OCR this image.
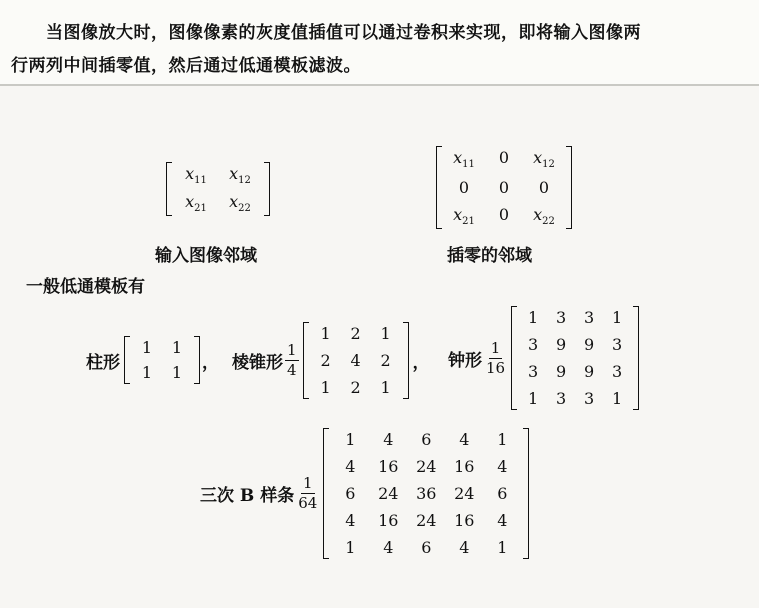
当图像放大时，图像像素的灰度值插值可以通过卷积来实现，即将输入图像两

行两列中间插零值，然后通过低通模板滤波。

$x_{11}$	$x_{12}$
$x_{21}$	$x_{22}$
输入图像邻域
$x_{11}$	0	$x_{12}$
0	0	0
$x_{21}$	0	$x_{22}$
插零的邻域
一般低通模板有
柱形
1	1
1	1	， 棱锥形 $\frac{1}{4}$
1	2	1
2	4	2
1	2	1
， 钟形 $\frac{1}{16}$
1	3	3	1
3	9	9	3
3	9	9	3
1	3	3	1
三次 B 样条 $\frac{1}{64}$
1	4	6	4	1
4	16	24	16	4
6	24	36	24	6
4	16	24	16	4
1	4	6	4	1
